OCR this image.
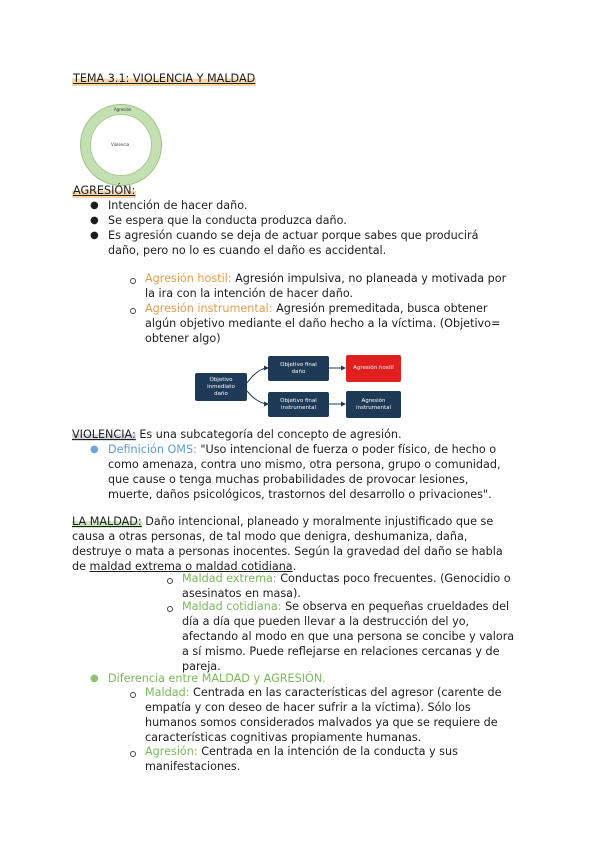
TEMA 3.1: VIOLENCIA Y MALDAD
Agresión
Violencia
AGRESIÓN:
● Intención de hacer daño.
● Se espera que la conducta produzca daño.
● Es agresión cuando se deja de actuar porque sabes que producirá
daño, pero no lo es cuando el daño es accidental.
Agresión hostil: Agresión impulsiva, no planeada y motivada por
la ira con la intención de hacer daño.
Agresión instrumental: Agresión premeditada, busca obtener
algún objetivo mediante el daño hecho a la víctima. (Objetivo=
obtener algo)
Objetivo
inmediato
daño
Objetivo final
daño
Objetivo final
instrumental
Agresión hostil
Agresión
instrumental
VIOLENCIA: Es una subcategoría del concepto de agresión.
● Definición OMS: "Uso intencional de fuerza o poder físico, de hecho o
como amenaza, contra uno mismo, otra persona, grupo o comunidad,
que cause o tenga muchas probabilidades de provocar lesiones,
muerte, daños psicológicos, trastornos del desarrollo o privaciones".
LA MALDAD: Daño intencional, planeado y moralmente injustificado que se
causa a otras personas, de tal modo que denigra, deshumaniza, daña,
destruye o mata a personas inocentes. Según la gravedad del daño se habla
de maldad extrema o maldad cotidiana.
Maldad extrema: Conductas poco frecuentes. (Genocidio o
asesinatos en masa).
Maldad cotidiana: Se observa en pequeñas crueldades del
día a día que pueden llevar a la destrucción del yo,
afectando al modo en que una persona se concibe y valora
a sí mismo. Puede reflejarse en relaciones cercanas y de
pareja.
● Diferencia entre MALDAD y AGRESIÓN.
Maldad: Centrada en las características del agresor (carente de
empatía y con deseo de hacer sufrir a la víctima). Sólo los
humanos somos considerados malvados ya que se requiere de
características cognitivas propiamente humanas.
Agresión: Centrada en la intención de la conducta y sus
manifestaciones.
